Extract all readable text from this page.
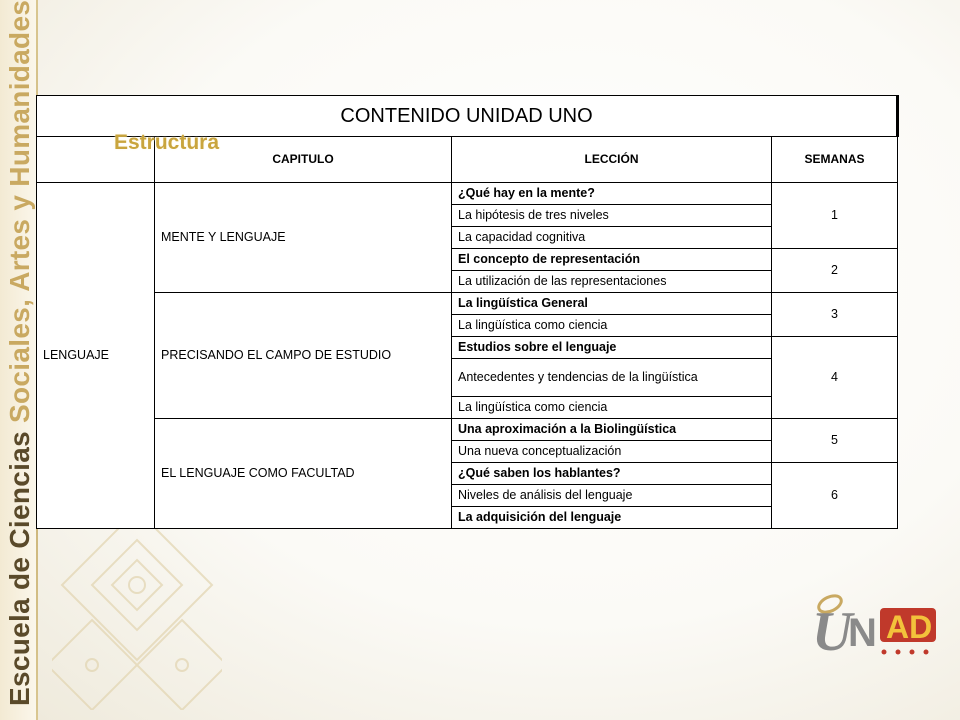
Escuela de Ciencias Sociales, Artes y Humanidades	CONTENIDO UNIDAD UNO			
	CAPITULO	LECCIÓN	SEMANAS
LENGUAJE	MENTE Y LENGUAJE	¿Qué hay en la mente?	1
		La hipótesis de tres niveles	
		La capacidad cognitiva	
		El concepto de representación	2
		La utilización de las representaciones	
	PRECISANDO EL CAMPO DE ESTUDIO	La lingüística General	3
		La lingüística como ciencia	
		Estudios sobre el lenguaje	4
		Antecedentes y tendencias de la lingüística	
		La lingüística como ciencia	
	EL LENGUAJE COMO FACULTAD	Una aproximación a la Biolingüística	5
		Una nueva conceptualización	
		¿Qué saben los hablantes?	6
		Niveles de análisis del lenguaje	
		La adquisición del lenguaje	
Estructura
U
N AD
